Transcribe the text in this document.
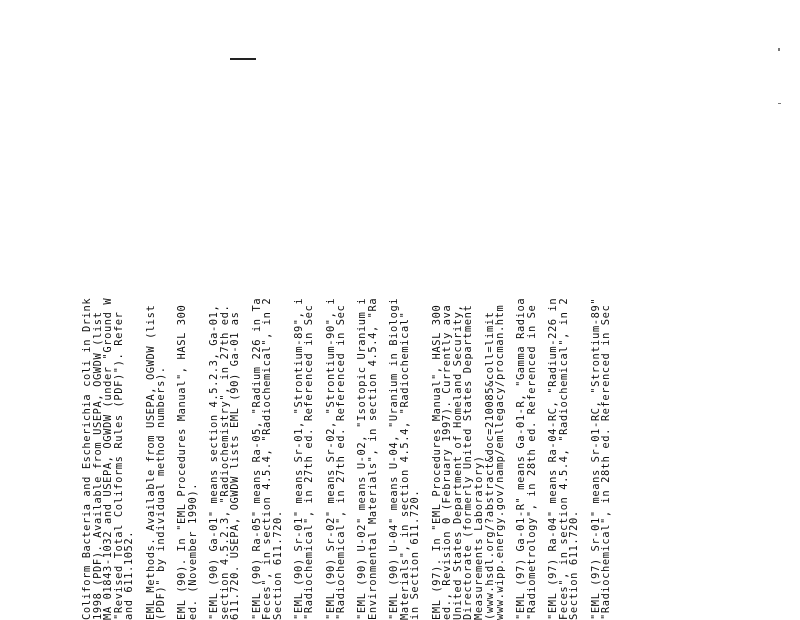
Coliform Bacteria and Escherichia coli in Drink
1998 (PDF). Available from USEPA, OGWDW (list
MA 01843-1032 and USEPA, OGWDW (under "Ground W
"Revised Total Coliforms Rules (PDF)"). Refer
and 611.1052. EML Methods. Available from USEPA, OGWDW (list
(PDF)" by individual method numbers). EML (90). In "EML Procedures Manual", HASL 300
ed. (November 1990). "EML (90) Ga-01" means section 4.5.2.3, Ga-01,
section 4.5.2.3, "Radiochemistry", in 27th ed.
611.720. USEPA, OGWDW lists EML (90) Ga-01 as "EML (90) Ra-05" means Ra-05, "Radium 226 in Ta
Feces", in section 4.5.4, "Radiochemical", in 2
Section 611.720. "EML (90) Sr-01" means Sr-01, "Strontium-89", i
"Radiochemical", in 27th ed. Referenced in Sec "EML (90) Sr-02" means Sr-02, "Strontium-90", i
"Radiochemical", in 27th ed. Referenced in Sec "EML (90) U-02" means U-02, "Isotopic Uranium i
Environmental Materials", in section 4.5.4, "Ra "EML (90) U-04" means U-04, "Uranium in Biologi
Materials", in section 4.5.4, "Radiochemical"
in Section 611.720. EML (97). In "EML Procedures Manual", HASL 300
ed., Revision 0 (February 1997). Currently ava
United States Department of Homeland Security,
Directorate (formerly United States Department
Measurements Laboratory)
(www.hsdl.org/?abstract&doc=210085&coll=limit
www.wipp.energy.gov/namp/emllegacy/procman.htm "EML (97) Ga-01-R" means Ga-01-R, "Gamma Radioa
"Radiometrology", in 28th ed. Referenced in Se "EML (97) Ra-04" means Ra-04-RC, "Radium-226 in
Feces", in section 4.5.4, "Radiochemical", in 2
Section 611.720. "EML (97) Sr-01" means Sr-01-RC, "Strontium-89"
"Radiochemical", in 28th ed. Referenced in Sec
